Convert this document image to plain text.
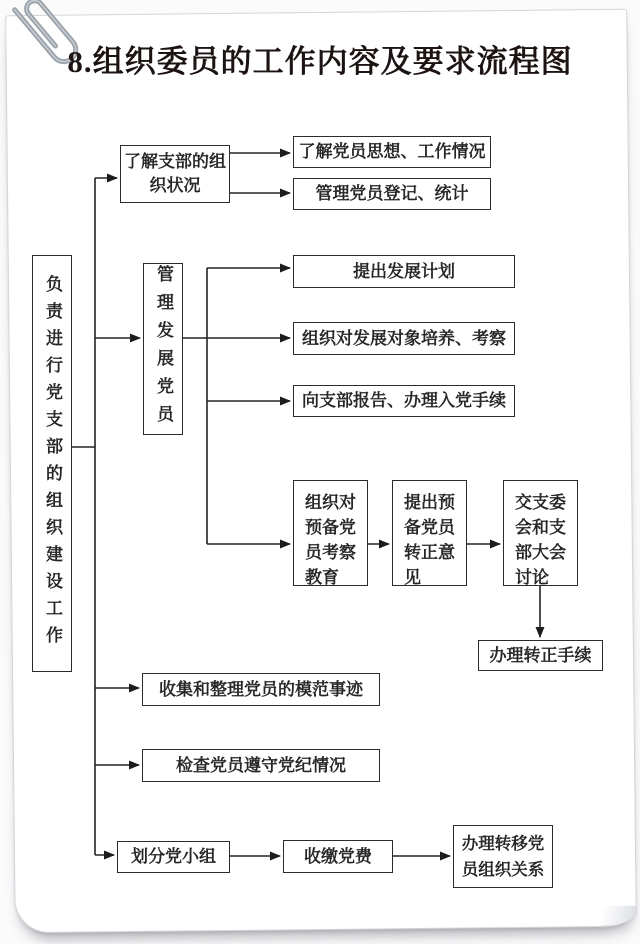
8.组织委员的工作内容及要求流程图
负责进行党支部的组织建设工作
了解支部的组织状况
了解党员思想、工作情况
管理党员登记、统计
管理发展党员	提出发展计划
组织对发展对象培养、考察
向支部报告、办理入党手续
组织对预备党员考察教育
提出预备党员转正意见
交支委会和支部大会讨论
办理转正手续
收集和整理党员的模范事迹
检查党员遵守党纪情况
划分党小组	收缴党费
办理转移党员组织关系
